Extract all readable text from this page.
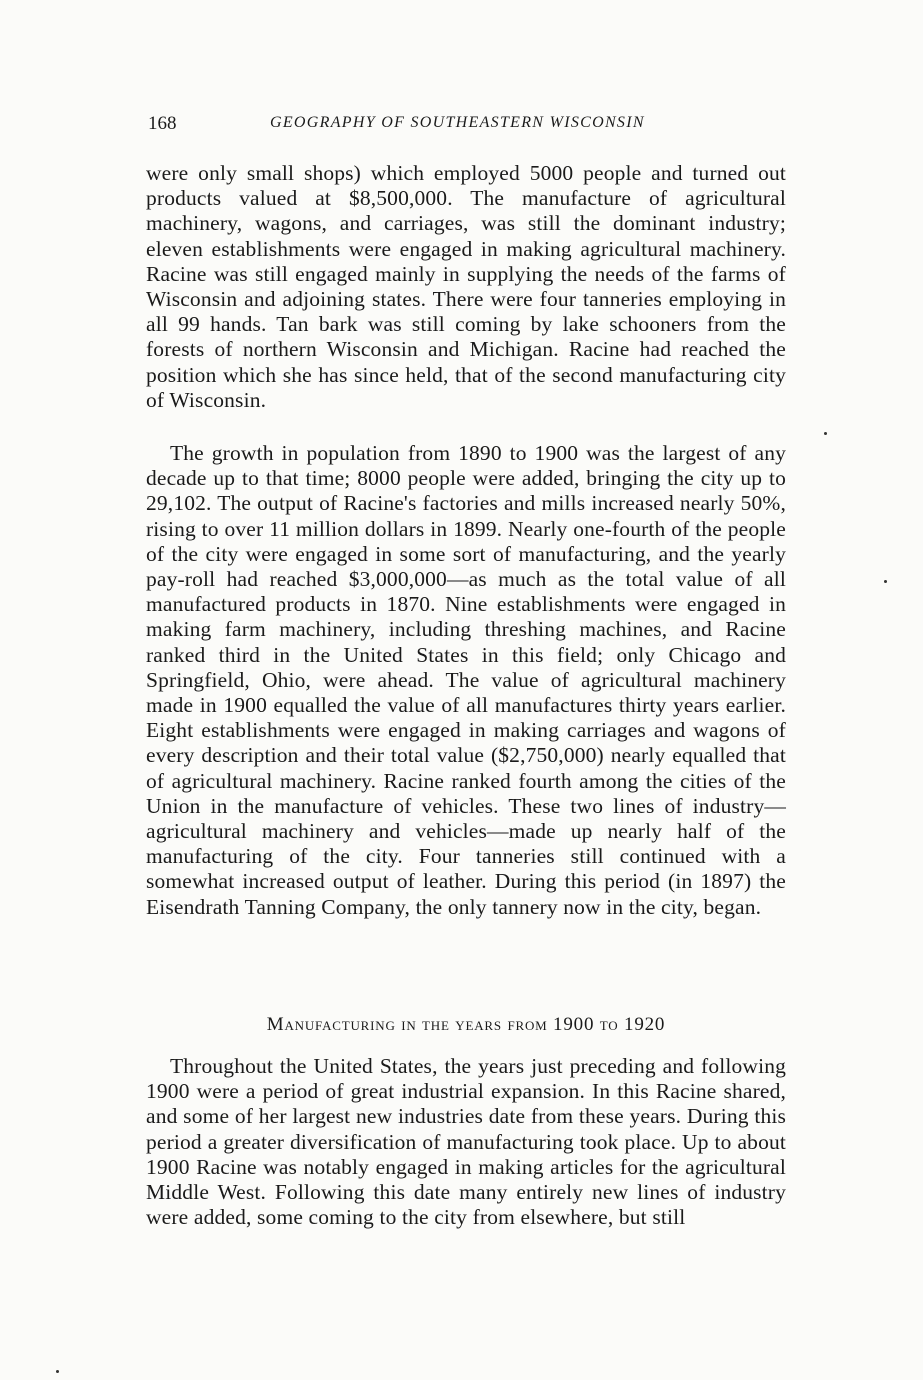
168	GEOGRAPHY OF SOUTHEASTERN WISCONSIN

were only small shops) which employed 5000 people and turned out products valued at $8,500,000. The manufacture of agricultural machinery, wagons, and carriages, was still the dominant industry; eleven establishments were engaged in making agricultural machinery. Racine was still engaged mainly in supplying the needs of the farms of Wisconsin and adjoining states. There were four tanneries employing in all 99 hands. Tan bark was still coming by lake schooners from the forests of northern Wisconsin and Michigan. Racine had reached the position which she has since held, that of the second manufacturing city of Wisconsin.

The growth in population from 1890 to 1900 was the largest of any decade up to that time; 8000 people were added, bringing the city up to 29,102. The output of Racine's factories and mills increased nearly 50%, rising to over 11 million dollars in 1899. Nearly one-fourth of the people of the city were engaged in some sort of manufacturing, and the yearly pay-roll had reached $3,000,000—as much as the total value of all manufactured products in 1870. Nine establishments were engaged in making farm machinery, including threshing machines, and Racine ranked third in the United States in this field; only Chicago and Springfield, Ohio, were ahead. The value of agricultural machinery made in 1900 equalled the value of all manufactures thirty years earlier. Eight establishments were engaged in making carriages and wagons of every description and their total value ($2,750,000) nearly equalled that of agricultural machinery. Racine ranked fourth among the cities of the Union in the manufacture of vehicles. These two lines of industry—agricultural machinery and vehicles—made up nearly half of the manufacturing of the city. Four tanneries still continued with a somewhat increased output of leather. During this period (in 1897) the Eisendrath Tanning Company, the only tannery now in the city, began.

Manufacturing in the years from 1900 to 1920

Throughout the United States, the years just preceding and following 1900 were a period of great industrial expansion. In this Racine shared, and some of her largest new industries date from these years. During this period a greater diversification of manufacturing took place. Up to about 1900 Racine was notably engaged in making articles for the agricultural Middle West. Following this date many entirely new lines of industry were added, some coming to the city from elsewhere, but still
